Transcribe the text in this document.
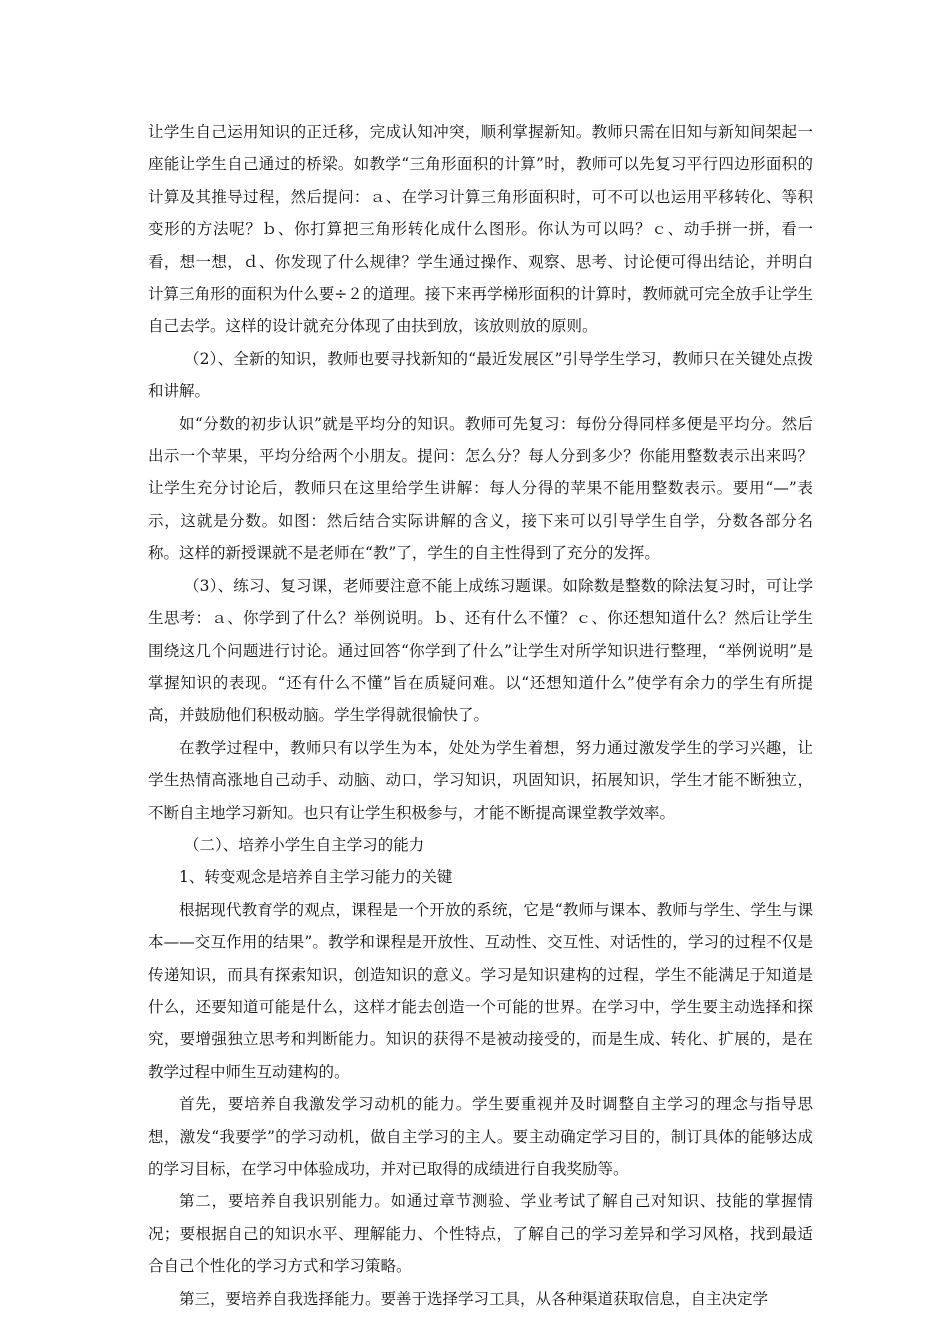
让学生自己运用知识的正迁移，完成认知冲突，顺利掌握新知。教师只需在旧知与新知间架起一座能让学生自己通过的桥梁。如教学“三角形面积的计算”时，教师可以先复习平行四边形面积的计算及其推导过程，然后提问：ａ、在学习计算三角形面积时，可不可以也运用平移转化、等积变形的方法呢？ｂ、你打算把三角形转化成什么图形。你认为可以吗？ｃ、动手拼一拼，看一看，想一想，ｄ、你发现了什么规律？学生通过操作、观察、思考、讨论便可得出结论，并明白计算三角形的面积为什么要÷２的道理。接下来再学梯形面积的计算时，教师就可完全放手让学生自己去学。这样的设计就充分体现了由扶到放，该放则放的原则。

（2）、全新的知识，教师也要寻找新知的“最近发展区”引导学生学习，教师只在关键处点拨和讲解。

如“分数的初步认识”就是平均分的知识。教师可先复习：每份分得同样多便是平均分。然后出示一个苹果，平均分给两个小朋友。提问：怎么分？每人分到多少？你能用整数表示出来吗？让学生充分讨论后，教师只在这里给学生讲解：每人分得的苹果不能用整数表示。要用“—”表示，这就是分数。如图：然后结合实际讲解的含义，接下来可以引导学生自学，分数各部分名称。这样的新授课就不是老师在“教”了，学生的自主性得到了充分的发挥。

（3）、练习、复习课，老师要注意不能上成练习题课。如除数是整数的除法复习时，可让学生思考：ａ、你学到了什么？举例说明。ｂ、还有什么不懂？ｃ、你还想知道什么？然后让学生围绕这几个问题进行讨论。通过回答“你学到了什么”让学生对所学知识进行整理，“举例说明”是掌握知识的表现。“还有什么不懂”旨在质疑问难。以“还想知道什么”使学有余力的学生有所提高，并鼓励他们积极动脑。学生学得就很愉快了。

在教学过程中，教师只有以学生为本，处处为学生着想，努力通过激发学生的学习兴趣，让学生热情高涨地自己动手、动脑、动口，学习知识，巩固知识，拓展知识，学生才能不断独立，不断自主地学习新知。也只有让学生积极参与，才能不断提高课堂教学效率。

（二）、培养小学生自主学习的能力

1、转变观念是培养自主学习能力的关键

根据现代教育学的观点，课程是一个开放的系统，它是“教师与课本、教师与学生、学生与课本——交互作用的结果”。教学和课程是开放性、互动性、交互性、对话性的，学习的过程不仅是传递知识，而具有探索知识，创造知识的意义。学习是知识建构的过程，学生不能满足于知道是什么，还要知道可能是什么，这样才能去创造一个可能的世界。在学习中，学生要主动选择和探究，要增强独立思考和判断能力。知识的获得不是被动接受的，而是生成、转化、扩展的，是在教学过程中师生互动建构的。

首先，要培养自我激发学习动机的能力。学生要重视并及时调整自主学习的理念与指导思想，激发“我要学”的学习动机，做自主学习的主人。要主动确定学习目的，制订具体的能够达成的学习目标，在学习中体验成功，并对已取得的成绩进行自我奖励等。

第二，要培养自我识别能力。如通过章节测验、学业考试了解自己对知识、技能的掌握情况；要根据自己的知识水平、理解能力、个性特点，了解自己的学习差异和学习风格，找到最适合自己个性化的学习方式和学习策略。

第三，要培养自我选择能力。要善于选择学习工具，从各种渠道获取信息，自主决定学
